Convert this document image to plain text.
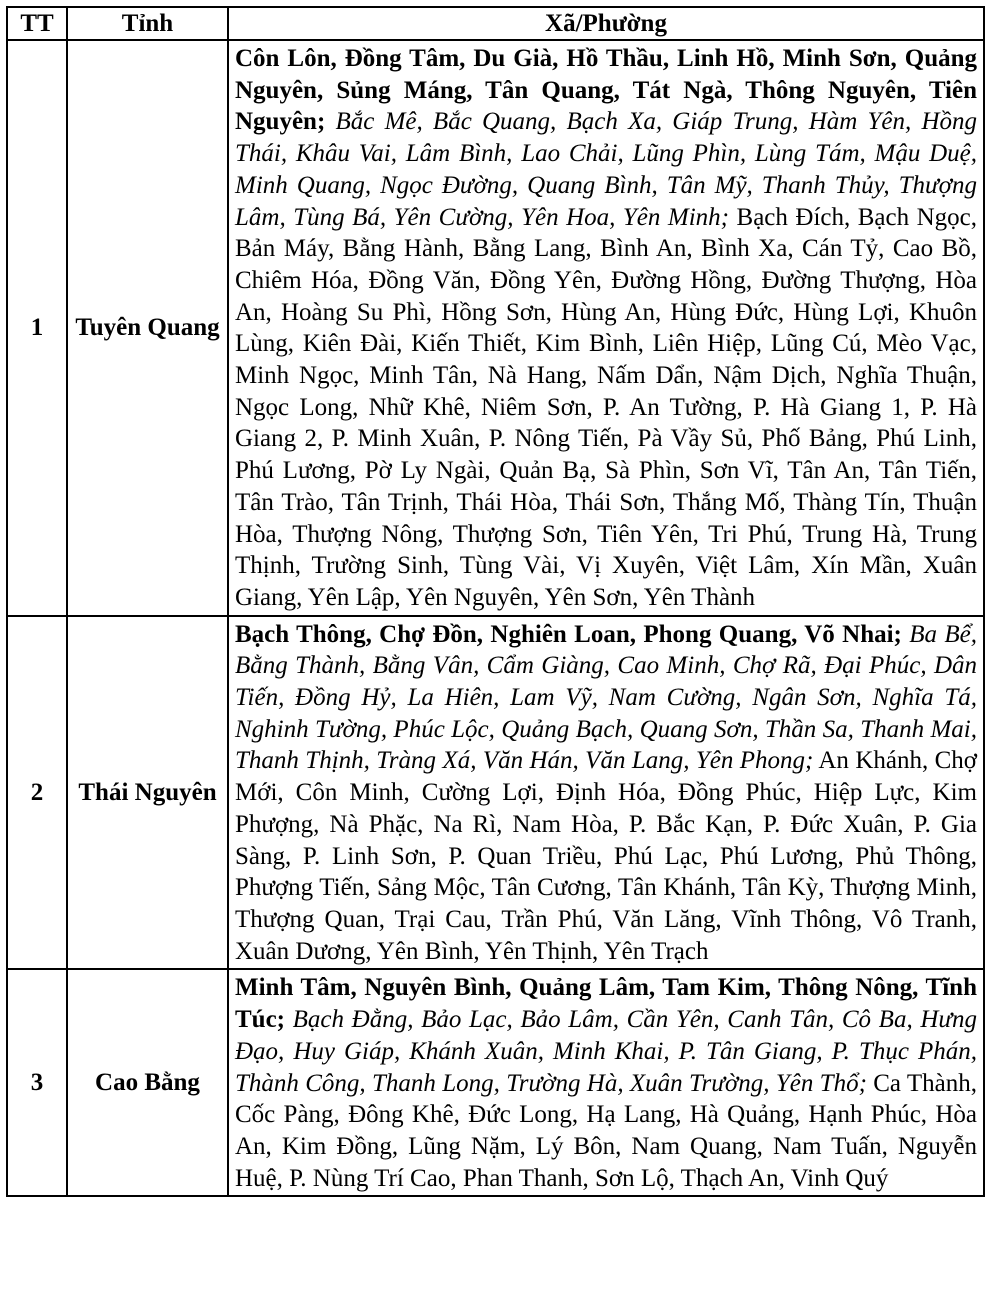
TT	Tỉnh	Xã/Phường
1	Tuyên Quang	Côn Lôn, Đồng Tâm, Du Già, Hồ Thầu, Linh Hồ, Minh Sơn, Quảng Nguyên, Sủng Máng, Tân Quang, Tát Ngà, Thông Nguyên, Tiên Nguyên; Bắc Mê, Bắc Quang, Bạch Xa, Giáp Trung, Hàm Yên, Hồng Thái, Khâu Vai, Lâm Bình, Lao Chải, Lũng Phìn, Lùng Tám, Mậu Duệ, Minh Quang, Ngọc Đường, Quang Bình, Tân Mỹ, Thanh Thủy, Thượng Lâm, Tùng Bá, Yên Cường, Yên Hoa, Yên Minh; Bạch Đích, Bạch Ngọc, Bản Máy, Bằng Hành, Bằng Lang, Bình An, Bình Xa, Cán Tỷ, Cao Bồ, Chiêm Hóa, Đồng Văn, Đồng Yên, Đường Hồng, Đường Thượng, Hòa An, Hoàng Su Phì, Hồng Sơn, Hùng An, Hùng Đức, Hùng Lợi, Khuôn Lùng, Kiên Đài, Kiến Thiết, Kim Bình, Liên Hiệp, Lũng Cú, Mèo Vạc, Minh Ngọc, Minh Tân, Nà Hang, Nấm Dẩn, Nậm Dịch, Nghĩa Thuận, Ngọc Long, Nhữ Khê, Niêm Sơn, P. An Tường, P. Hà Giang 1, P. Hà Giang 2, P. Minh Xuân, P. Nông Tiến, Pà Vầy Sủ, Phố Bảng, Phú Linh, Phú Lương, Pờ Ly Ngài, Quản Bạ, Sà Phìn, Sơn Vĩ, Tân An, Tân Tiến, Tân Trào, Tân Trịnh, Thái Hòa, Thái Sơn, Thắng Mố, Thàng Tín, Thuận Hòa, Thượng Nông, Thượng Sơn, Tiên Yên, Tri Phú, Trung Hà, Trung Thịnh, Trường Sinh, Tùng Vài, Vị Xuyên, Việt Lâm, Xín Mần, Xuân Giang, Yên Lập, Yên Nguyên, Yên Sơn, Yên Thành
2	Thái Nguyên	Bạch Thông, Chợ Đồn, Nghiên Loan, Phong Quang, Võ Nhai; Ba Bể, Bằng Thành, Bằng Vân, Cẩm Giàng, Cao Minh, Chợ Rã, Đại Phúc, Dân Tiến, Đồng Hỷ, La Hiên, Lam Vỹ, Nam Cường, Ngân Sơn, Nghĩa Tá, Nghinh Tường, Phúc Lộc, Quảng Bạch, Quang Sơn, Thần Sa, Thanh Mai, Thanh Thịnh, Tràng Xá, Văn Hán, Văn Lang, Yên Phong; An Khánh, Chợ Mới, Côn Minh, Cường Lợi, Định Hóa, Đồng Phúc, Hiệp Lực, Kim Phượng, Nà Phặc, Na Rì, Nam Hòa, P. Bắc Kạn, P. Đức Xuân, P. Gia Sàng, P. Linh Sơn, P. Quan Triều, Phú Lạc, Phú Lương, Phủ Thông, Phượng Tiến, Sảng Mộc, Tân Cương, Tân Khánh, Tân Kỳ, Thượng Minh, Thượng Quan, Trại Cau, Trần Phú, Văn Lăng, Vĩnh Thông, Vô Tranh, Xuân Dương, Yên Bình, Yên Thịnh, Yên Trạch
3	Cao Bằng	Minh Tâm, Nguyên Bình, Quảng Lâm, Tam Kim, Thông Nông, Tĩnh Túc; Bạch Đằng, Bảo Lạc, Bảo Lâm, Cần Yên, Canh Tân, Cô Ba, Hưng Đạo, Huy Giáp, Khánh Xuân, Minh Khai, P. Tân Giang, P. Thục Phán, Thành Công, Thanh Long, Trường Hà, Xuân Trường, Yên Thổ; Ca Thành, Cốc Pàng, Đông Khê, Đức Long, Hạ Lang, Hà Quảng, Hạnh Phúc, Hòa An, Kim Đồng, Lũng Nặm, Lý Bôn, Nam Quang, Nam Tuấn, Nguyễn Huệ, P. Nùng Trí Cao, Phan Thanh, Sơn Lộ, Thạch An, Vinh Quý
